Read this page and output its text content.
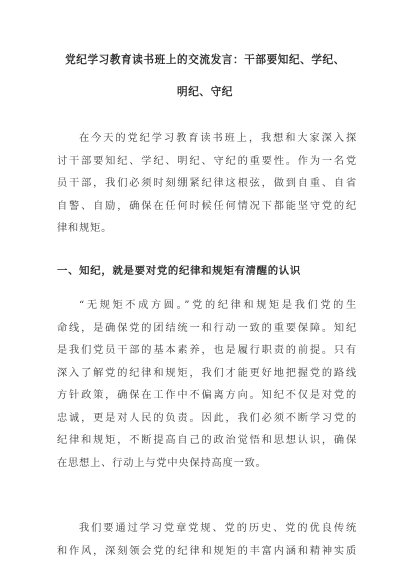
党纪学习教育读书班上的交流发言：干部要知纪、学纪、
明纪、守纪
在今天的党纪学习教育读书班上，我想和大家深入探
讨干部要知纪、学纪、明纪、守纪的重要性。作为一名党
员干部，我们必须时刻绷紧纪律这根弦，做到自重、自省
自警、自励，确保在任何时候任何情况下都能坚守党的纪
律和规矩。
一、知纪，就是要对党的纪律和规矩有清醒的认识
“无规矩不成方圆。”党的纪律和规矩是我们党的生
命线，是确保党的团结统一和行动一致的重要保障。知纪
是我们党员干部的基本素养，也是履行职责的前提。只有
深入了解党的纪律和规矩，我们才能更好地把握党的路线
方针政策，确保在工作中不偏离方向。知纪不仅是对党的
忠诚，更是对人民的负责。因此，我们必须不断学习党的
纪律和规矩，不断提高自己的政治觉悟和思想认识，确保
在思想上、行动上与党中央保持高度一致。
我们要通过学习党章党规、党的历史、党的优良传统
和作风，深刻领会党的纪律和规矩的丰富内涵和精神实质
